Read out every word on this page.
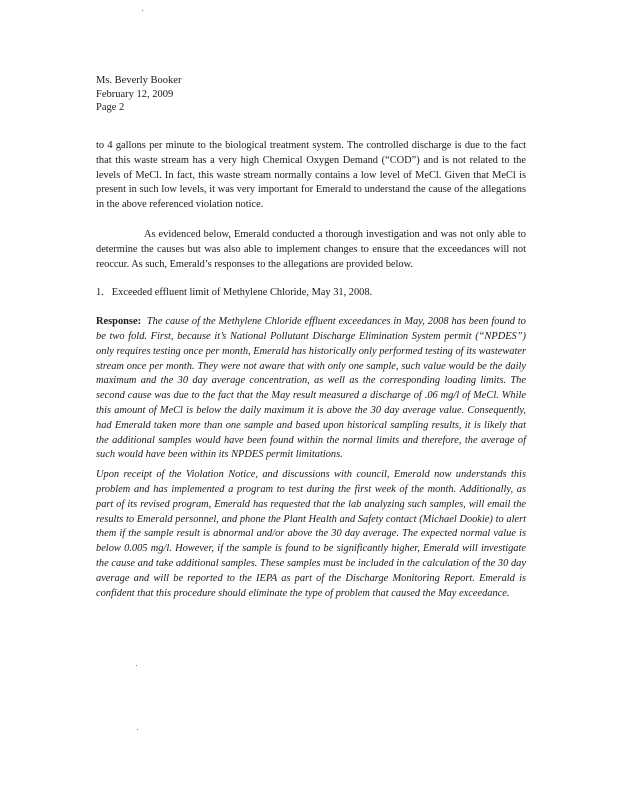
Ms. Beverly Booker
February 12, 2009
Page 2

to 4 gallons per minute to the biological treatment system. The controlled discharge is due to the fact that this waste stream has a very high Chemical Oxygen Demand (“COD”) and is not related to the levels of MeCl. In fact, this waste stream normally contains a low level of MeCl. Given that MeCl is present in such low levels, it was very important for Emerald to understand the cause of the allegations in the above referenced violation notice.

As evidenced below, Emerald conducted a thorough investigation and was not only able to determine the causes but was also able to implement changes to ensure that the exceedances will not reoccur. As such, Emerald’s responses to the allegations are provided below.

1. Exceeded effluent limit of Methylene Chloride, May 31, 2008.

Response: The cause of the Methylene Chloride effluent exceedances in May, 2008 has been found to be two fold. First, because it’s National Pollutant Discharge Elimination System permit (“NPDES”) only requires testing once per month, Emerald has historically only performed testing of its wastewater stream once per month. They were not aware that with only one sample, such value would be the daily maximum and the 30 day average concentration, as well as the corresponding loading limits. The second cause was due to the fact that the May result measured a discharge of .06 mg/l of MeCl. While this amount of MeCl is below the daily maximum it is above the 30 day average value. Consequently, had Emerald taken more than one sample and based upon historical sampling results, it is likely that the additional samples would have been found within the normal limits and therefore, the average of such would have been within its NPDES permit limitations.

Upon receipt of the Violation Notice, and discussions with council, Emerald now understands this problem and has implemented a program to test during the first week of the month. Additionally, as part of its revised program, Emerald has requested that the lab analyzing such samples, will email the results to Emerald personnel, and phone the Plant Health and Safety contact (Michael Dookie) to alert them if the sample result is abnormal and/or above the 30 day average. The expected normal value is below 0.005 mg/l. However, if the sample is found to be significantly higher, Emerald will investigate the cause and take additional samples. These samples must be included in the calculation of the 30 day average and will be reported to the IEPA as part of the Discharge Monitoring Report. Emerald is confident that this procedure should eliminate the type of problem that caused the May exceedance.
